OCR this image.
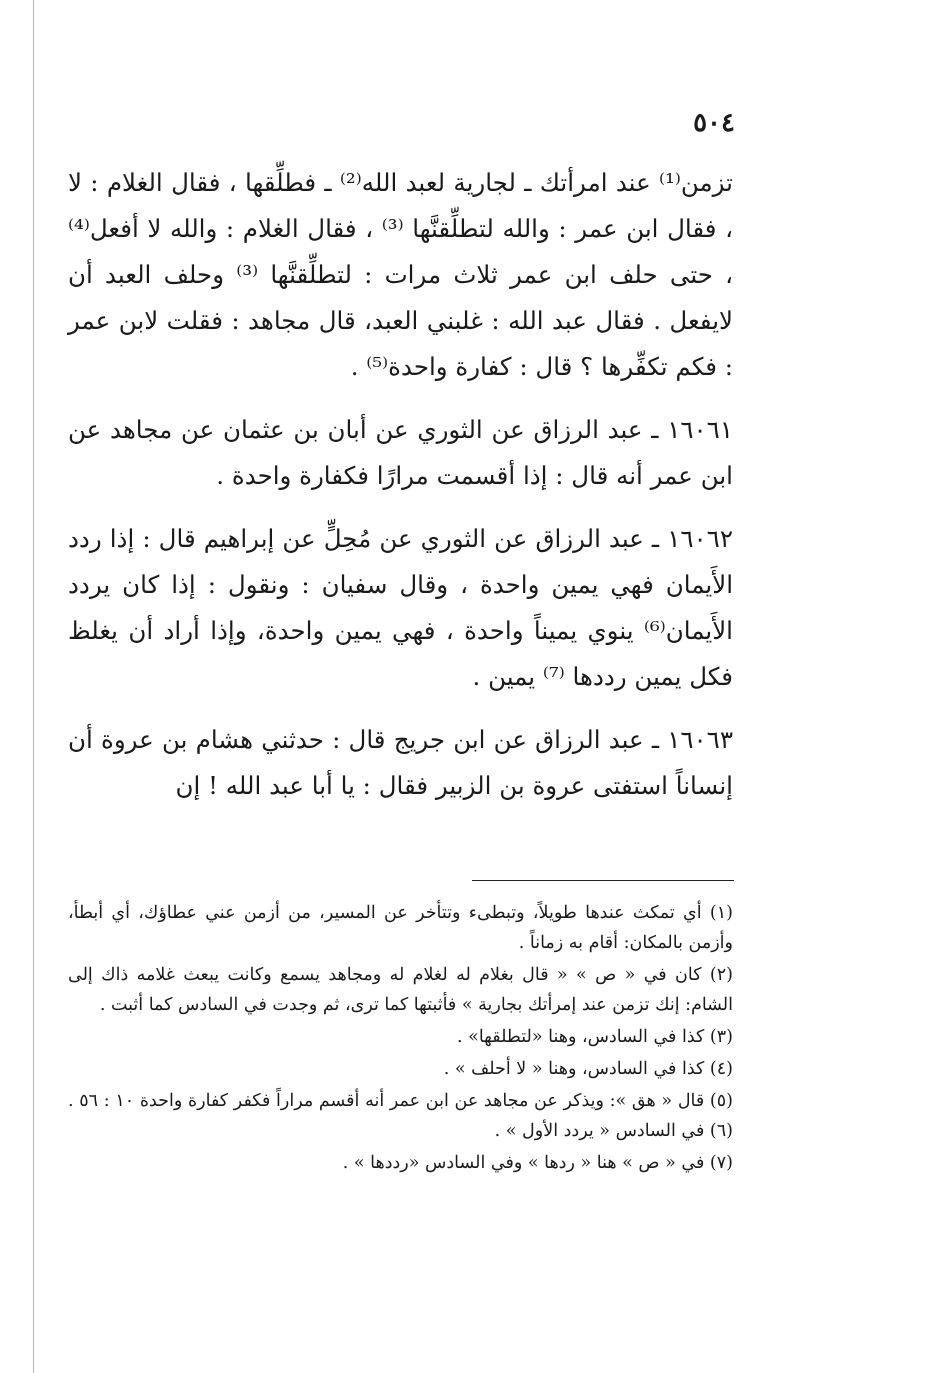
٥٠٤

تزمن⁽¹⁾ عند امرأتك ـ لجارية لعبد الله⁽²⁾ ـ فطلِّقها ، فقال الغلام : لا ، فقال ابن عمر : والله لتطلِّقنَّها ⁽³⁾ ، فقال الغلام : والله لا أفعل⁽⁴⁾ ، حتى حلف ابن عمر ثلاث مرات : لتطلِّقنَّها ⁽³⁾ وحلف العبد أن لايفعل . فقال عبد الله : غلبني العبد، قال مجاهد : فقلت لابن عمر : فكم تكفِّرها ؟ قال : كفارة واحدة⁽⁵⁾ .

١٦٠٦١ ـ عبد الرزاق عن الثوري عن أبان بن عثمان عن مجاهد عن ابن عمر أنه قال : إذا أقسمت مرارًا فكفارة واحدة .

١٦٠٦٢ ـ عبد الرزاق عن الثوري عن مُحِلٍّ عن إبراهيم قال : إذا ردد الأَيمان فهي يمين واحدة ، وقال سفيان : ونقول : إذا كان يردد الأَيمان⁽⁶⁾ ينوي يميناً واحدة ، فهي يمين واحدة، وإذا أراد أن يغلظ فكل يمين رددها ⁽⁷⁾ يمين .

١٦٠٦٣ ـ عبد الرزاق عن ابن جريج قال : حدثني هشام بن عروة أن إنساناً استفتى عروة بن الزبير فقال : يا أبا عبد الله ! إن

(١) أي تمكث عندها طويلاً، وتبطىء وتتأخر عن المسير، من أزمن عني عطاؤك، أي أبطأ، وأزمن بالمكان: أقام به زماناً .

(٢) كان في « ص » « قال بغلام له لغلام له ومجاهد يسمع وكانت يبعث غلامه ذاك إلى الشام: إنك تزمن عند إمرأتك بجارية » فأثبتها كما ترى، ثم وجدت في السادس كما أثبت .

(٣) كذا في السادس، وهنا «لتطلقها» .

(٤) كذا في السادس، وهنا « لا أحلف » .

(٥) قال « هق »: ويذكر عن مجاهد عن ابن عمر أنه أقسم مراراً فكفر كفارة واحدة ١٠ : ٥٦ . (٦) في السادس « يردد الأول » .

(٧) في « ص » هنا « ردها » وفي السادس «رددها » .
